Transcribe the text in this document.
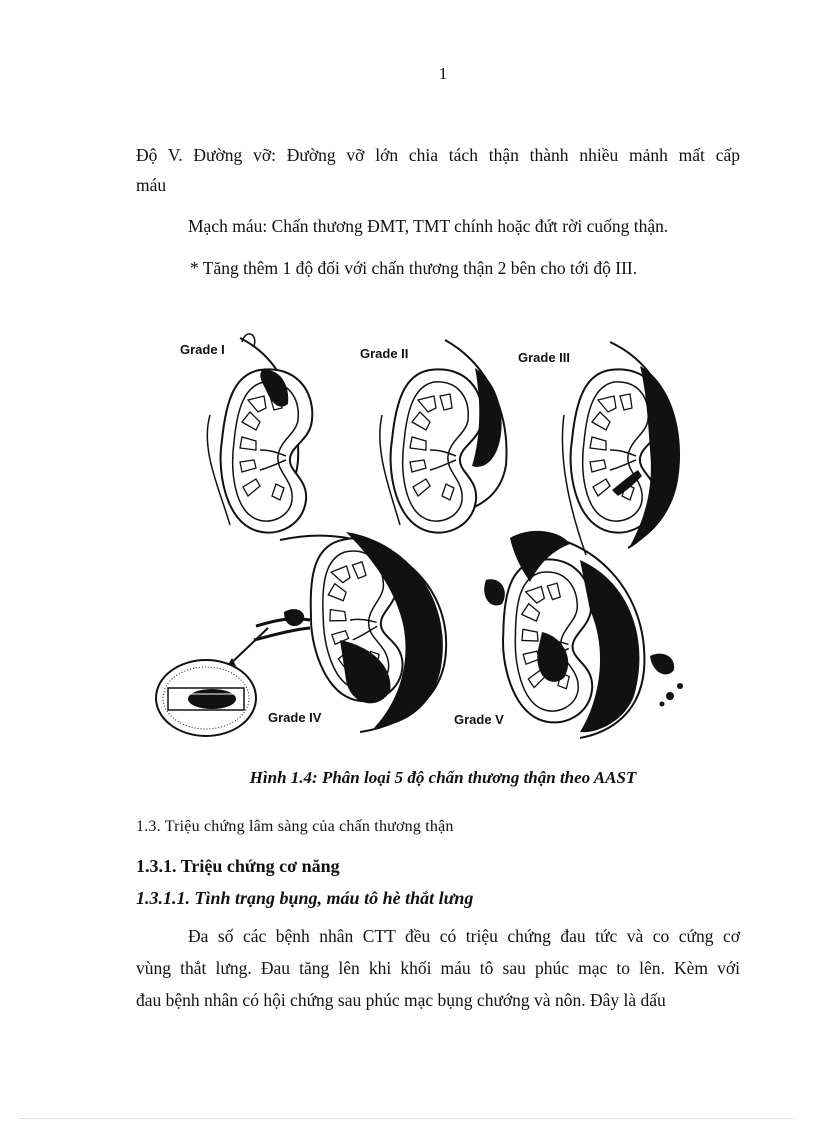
1

Độ V. Đường vỡ: Đường vỡ lớn chia tách thận thành nhiều mảnh mất cấp

máu

Mạch máu: Chấn thương ĐMT, TMT chính hoặc đứt rời cuống thận.

* Tăng thêm 1 độ đối với chấn thương thận 2 bên cho tới độ III.

Grade I	Grade II	Grade III
Grade IV	Grade V
Hình 1.4: Phân loại 5 độ chấn thương thận theo AAST
1.3. Triệu chứng lâm sàng của chấn thương thận
1.3.1. Triệu chứng cơ năng
1.3.1.1. Tình trạng bụng, máu tô hè thắt lưng
Đa số các bệnh nhân CTT đều có triệu chứng đau tức và co cứng cơ
vùng thắt lưng. Đau tăng lên khi khối máu tô sau phúc mạc to lên. Kèm với
đau bệnh nhân có hội chứng sau phúc mạc bụng chướng và nôn. Đây là dấu
